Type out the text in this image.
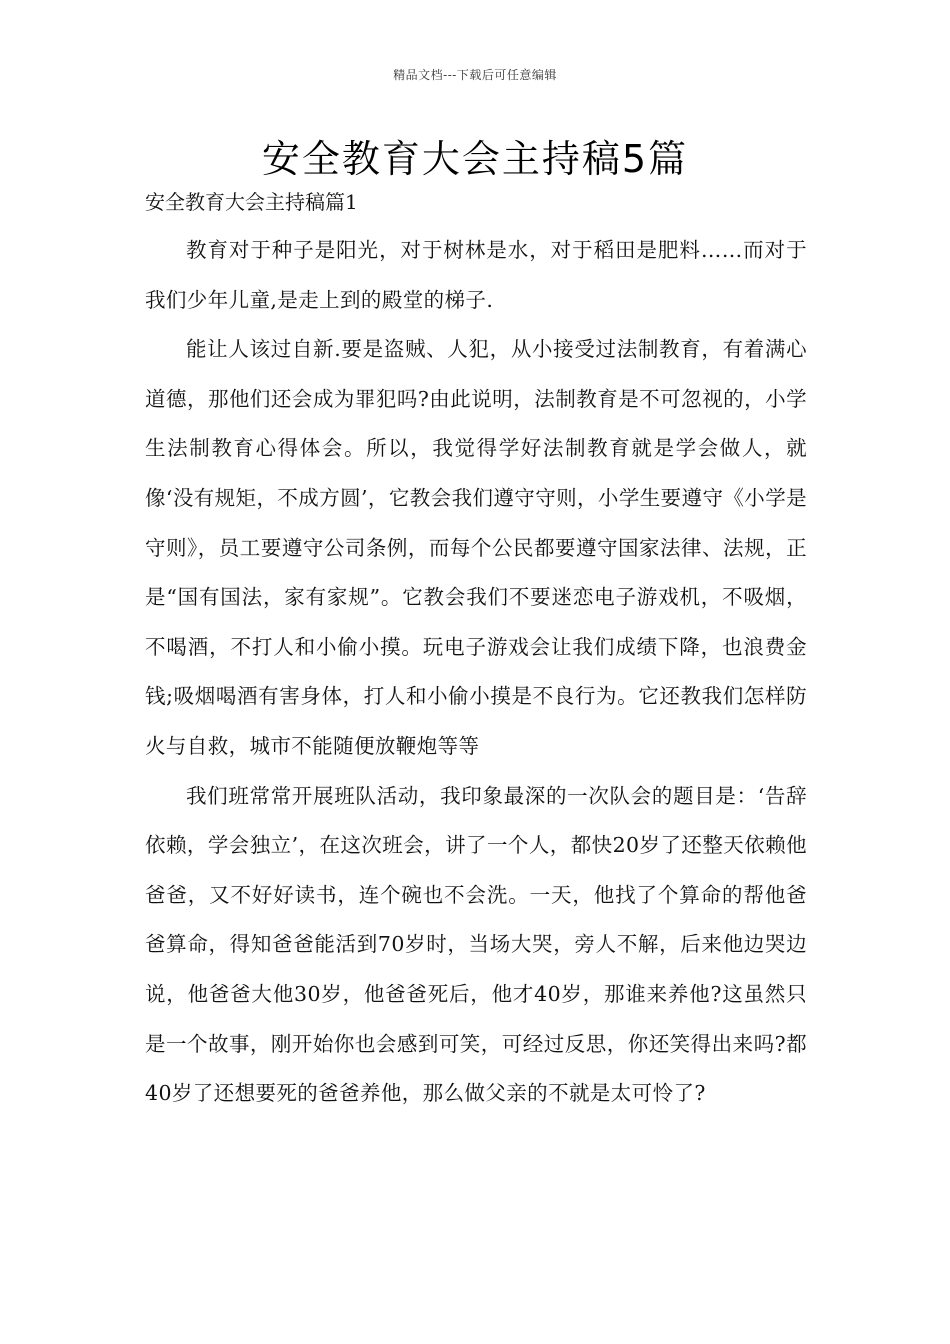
精品文档---下载后可任意编辑
安全教育大会主持稿5篇
安全教育大会主持稿篇1

教育对于种子是阳光，对于树林是水，对于稻田是肥料……而对于我们少年儿童,是走上到的殿堂的梯子.

能让人该过自新.要是盗贼、人犯，从小接受过法制教育，有着满心道德，那他们还会成为罪犯吗?由此说明，法制教育是不可忽视的，小学生法制教育心得体会。所以，我觉得学好法制教育就是学会做人，就像‘没有规矩，不成方圆’，它教会我们遵守守则，小学生要遵守《小学是守则》，员工要遵守公司条例，而每个公民都要遵守国家法律、法规，正是“国有国法，家有家规”。它教会我们不要迷恋电子游戏机，不吸烟，不喝酒，不打人和小偷小摸。玩电子游戏会让我们成绩下降，也浪费金钱;吸烟喝酒有害身体，打人和小偷小摸是不良行为。它还教我们怎样防火与自救，城市不能随便放鞭炮等等

我们班常常开展班队活动，我印象最深的一次队会的题目是：‘告辞依赖，学会独立’，在这次班会，讲了一个人，都快20岁了还整天依赖他爸爸，又不好好读书，连个碗也不会洗。一天，他找了个算命的帮他爸爸算命，得知爸爸能活到70岁时，当场大哭，旁人不解，后来他边哭边说，他爸爸大他30岁，他爸爸死后，他才40岁，那谁来养他?这虽然只是一个故事，刚开始你也会感到可笑，可经过反思，你还笑得出来吗?都40岁了还想要死的爸爸养他，那么做父亲的不就是太可怜了?
